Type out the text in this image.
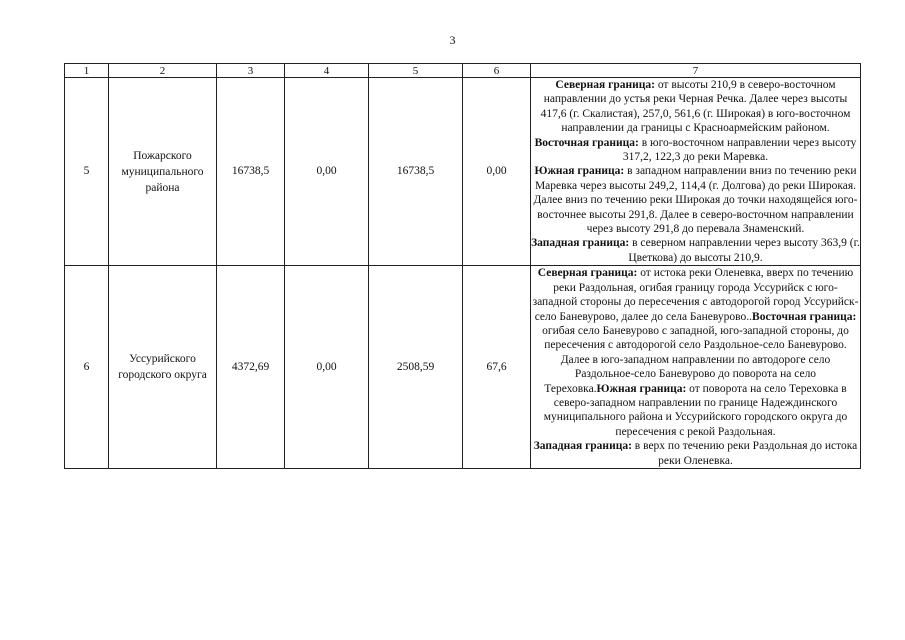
3
1	2	3	4	5	6	7
5	Пожарского муниципального района	16738,5	0,00	16738,5	0,00	Северная граница: от высоты 210,9 в северо-восточном направлении до устья реки Черная Речка. Далее через высоты 417,6 (г. Скалистая), 257,0, 561,6 (г. Широкая) в юго-восточном направлении да границы с Красноармейским районом.

Восточная граница: в юго-восточном направлении через высоту 317,2, 122,3 до реки Маревка.

Южная граница: в западном направлении вниз по течению реки Маревка через высоты 249,2, 114,4 (г. Долгова) до реки Широкая. Далее вниз по течению реки Широкая до точки находящейся юго-восточнее высоты 291,8. Далее в северо-восточном направлении через высоту 291,8 до перевала Знаменский.

Западная граница: в северном направлении через высоту 363,9 (г. Цветкова) до высоты 210,9.

6	Уссурийского городского округа	4372,69	0,00	2508,59	67,6	Северная граница: от истока реки Оленевка, вверх по течению реки Раздольная, огибая границу города Уссурийск с юго-западной стороны до пересечения с автодорогой город Уссурийск-село Баневурово, далее до села Баневурово..Восточная граница: огибая село Баневурово с западной, юго-западной стороны, до пересечения с автодорогой село Раздольное-село Баневурово. Далее в юго-западном направлении по автодороге село Раздольное-село Баневурово до поворота на село Тереховка.Южная граница: от поворота на село Тереховка в северо-западном направлении по границе Надеждинского муниципального района и Уссурийского городского округа до пересечения с рекой Раздольная.

Западная граница: в верх по течению реки Раздольная до истока реки Оленевка.
